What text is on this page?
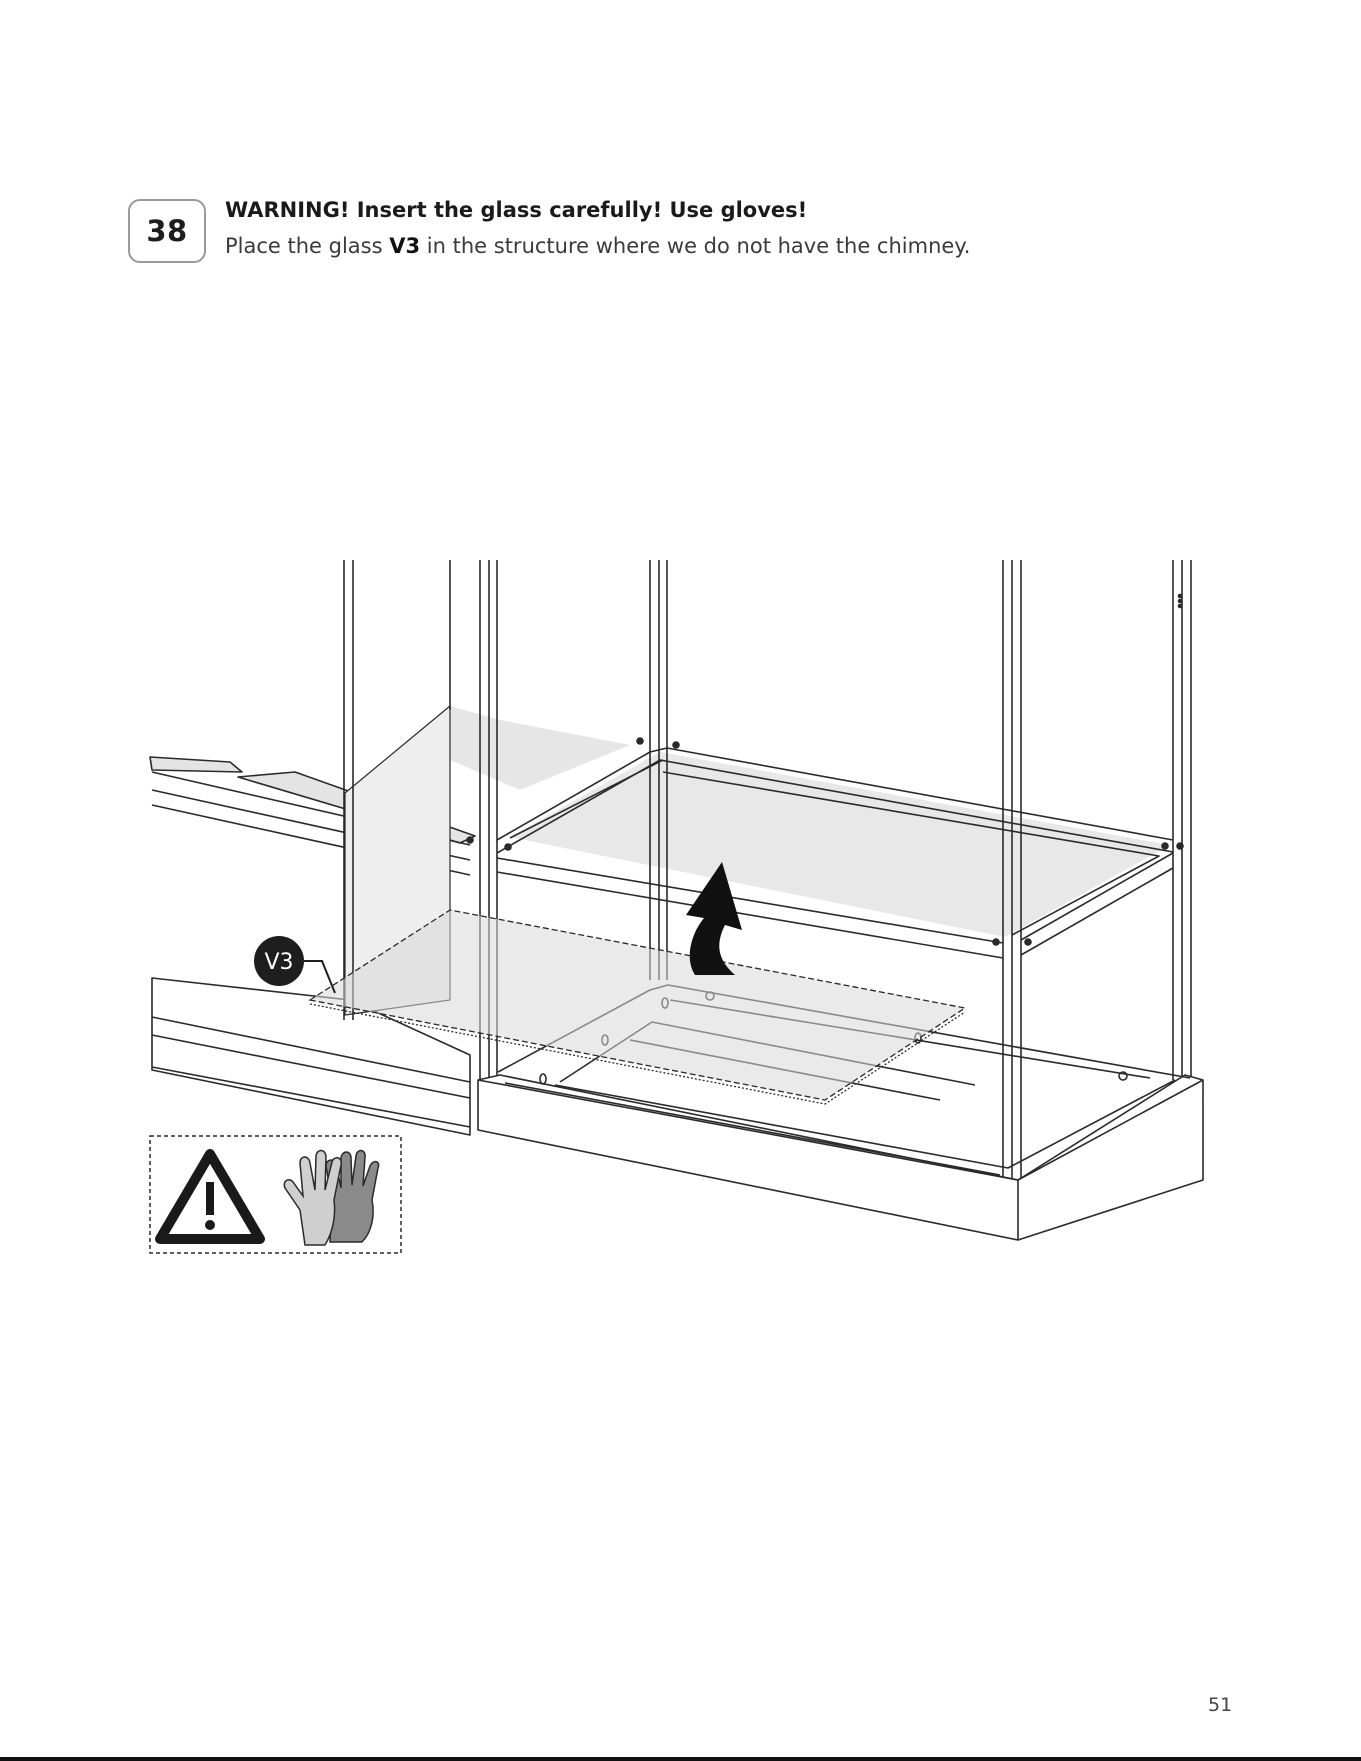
38
WARNING! Insert the glass carefully! Use gloves!
Place the glass V3 in the structure where we do not have the chimney.
V3
51
